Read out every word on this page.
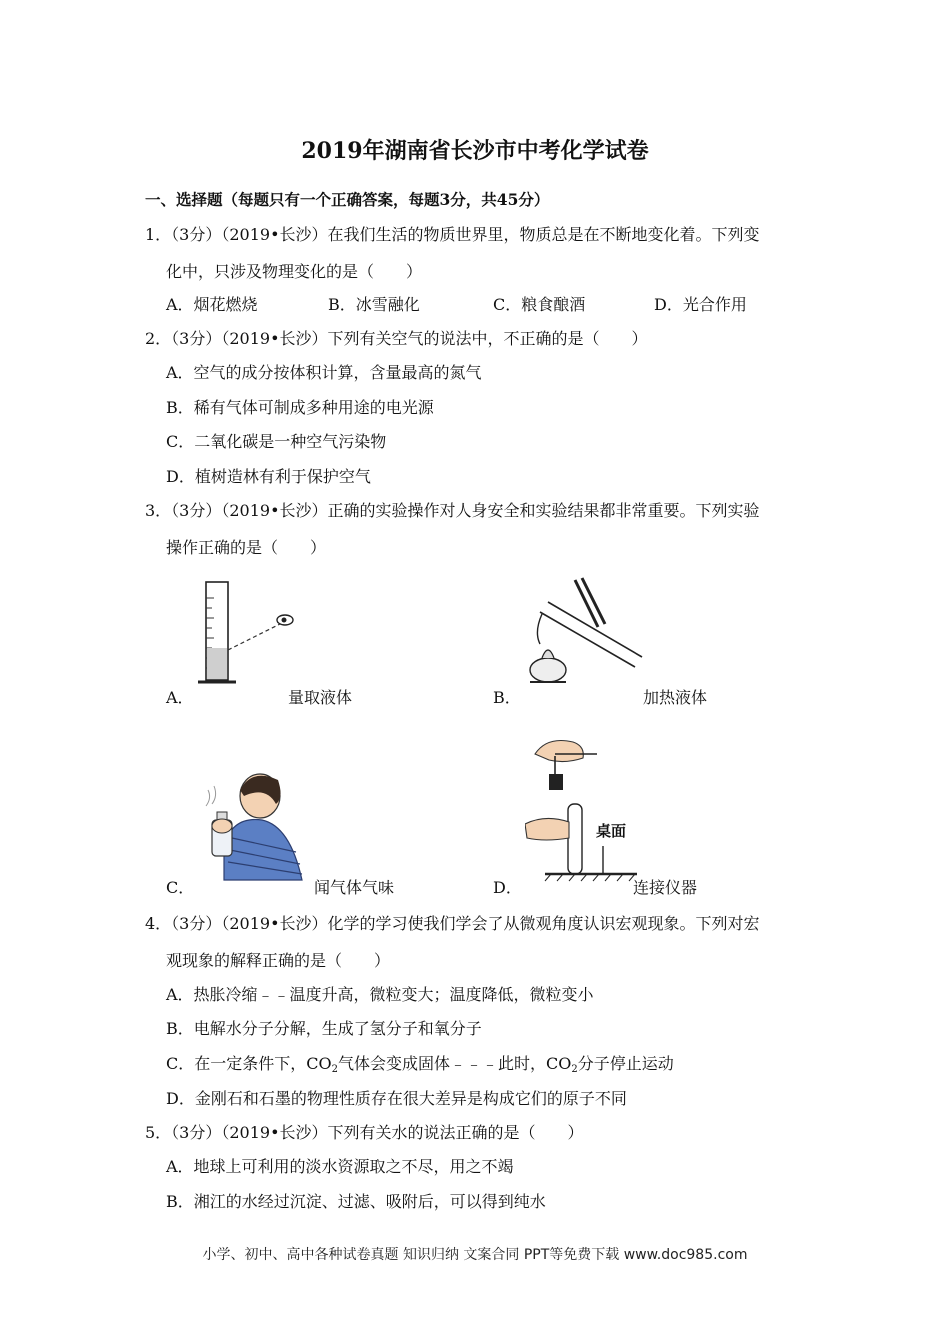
2019年湖南省长沙市中考化学试卷
一、选择题（每题只有一个正确答案，每题3分，共45分）
1．（3分）（2019•长沙）在我们生活的物质世界里，物质总是在不断地变化着。下列变
化中，只涉及物理变化的是（　　）
A．烟花燃烧	B．冰雪融化	C．粮食酿酒	D．光合作用
2．（3分）（2019•长沙）下列有关空气的说法中，不正确的是（　　）
A．空气的成分按体积计算，含量最高的氮气
B．稀有气体可制成多种用途的电光源
C．二氧化碳是一种空气污染物
D．植树造林有利于保护空气
3．（3分）（2019•长沙）正确的实验操作对人身安全和实验结果都非常重要。下列实验
操作正确的是（　　）
A．	量取液体	B．	加热液体
C．	闻气体气味
桌面
D．	连接仪器
4．（3分）（2019•长沙）化学的学习使我们学会了从微观角度认识宏观现象。下列对宏
观现象的解释正确的是（　　）
A．热胀冷缩﹣﹣温度升高，微粒变大；温度降低，微粒变小
B．电解水分子分解，生成了氢分子和氧分子
C．在一定条件下，$CO_2$气体会变成固体﹣﹣﹣此时，$CO_2$分子停止运动
D．金刚石和石墨的物理性质存在很大差异是构成它们的原子不同
5．（3分）（2019•长沙）下列有关水的说法正确的是（　　）
A．地球上可利用的淡水资源取之不尽，用之不竭
B．湘江的水经过沉淀、过滤、吸附后，可以得到纯水
小学、初中、高中各种试卷真题 知识归纳 文案合同 PPT等免费下载 www.doc985.com
